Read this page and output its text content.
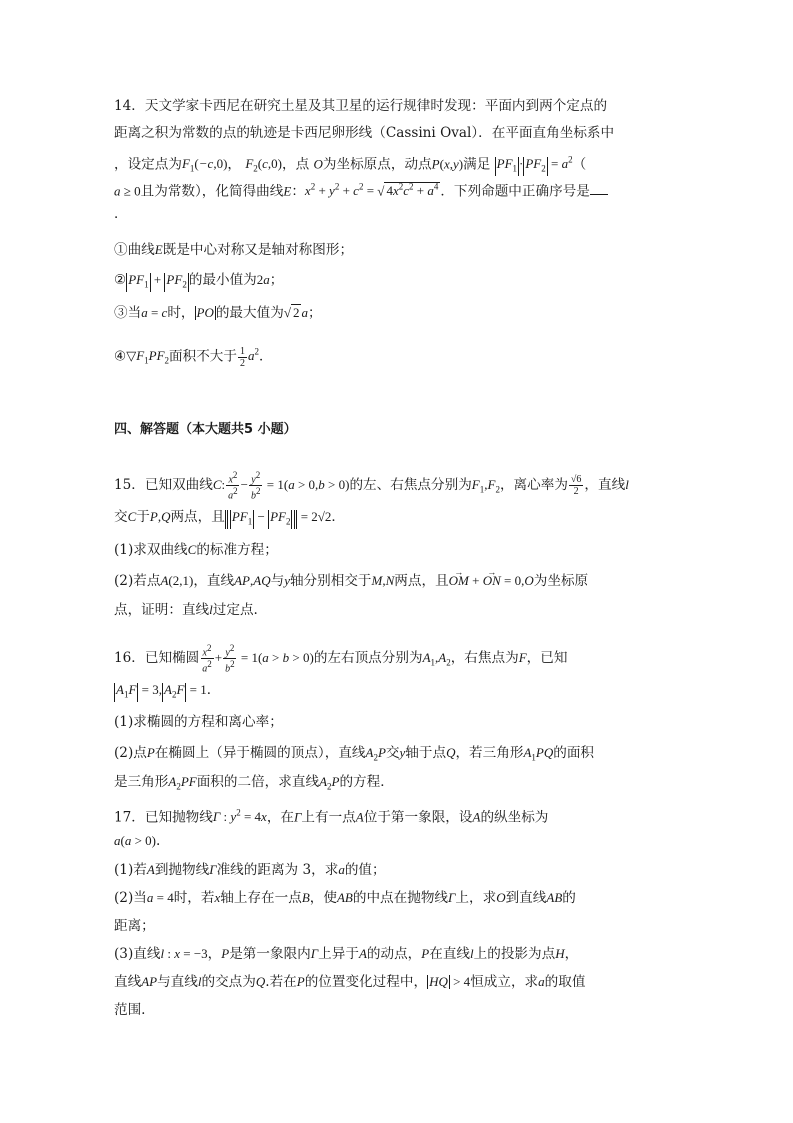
14．天文学家卡西尼在研究土星及其卫星的运行规律时发现：平面内到两个定点的
距离之积为常数的点的轨迹是卡西尼卵形线（Cassini Oval）．在平面直角坐标系中
，设定点为$F_1(-c,0)$， $F_2(c,0)$，点 O为坐标原点，动点P(x,y)满足 $PF_1 \cdot PF_2 = a^2$（
a ≥ 0且为常数），化简得曲线E：$x^2 + y^2 + c^2$ = √ $4x^2c^2 + a^4$ ．下列命题中正确序号是
．
①曲线E既是中心对称又是轴对称图形；
② $PF_1 + PF_2$ 的最小值为2a；
③当a = c时， PO 的最大值为√ 2 a；
$④▽F_1PF_2$面积不大于 $\frac{1}{2} a^2$．
四、解答题（本大题共5 小题）
15．已知双曲线C: $\frac{x^2}{a^2} - \frac{y^2}{b^2} = 1(a > 0,b > 0)$的左、右焦点分别为$F_1,F_2$，离心率为 $\frac{√6}{2}$ ，直线l
交C于P,Q两点，且 $PF_1 - PF_2 = 2√2$．
(1)求双曲线C的标准方程；
(2)若点A(2,1)，直线AP,AQ与y轴分别相交于M,N两点，且→ OM + → ON = 0,O为坐标原
点，证明：直线l过定点.
16．已知椭圆 $\frac{x^2}{a^2} + \frac{y^2}{b^2} = 1(a > b > 0)$的左右顶点分别为$A_1,A_2$，右焦点为F，已知
$A_1F = 3$, $A_2F = 1$．
(1)求椭圆的方程和离心率；
(2)点P在椭圆上（异于椭圆的顶点），直线$A_2P$交y轴于点Q，若三角形$A_1PQ$的面积
是三角形$A_2PF$面积的二倍，求直线$A_2P$的方程．
17．已知抛物线Γ : $y^2 = 4x$，在Γ上有一点A位于第一象限，设A的纵坐标为
a(a > 0).
(1)若A到抛物线Γ准线的距离为 3，求a的值；
(2)当a = 4时，若x轴上存在一点B，使AB的中点在抛物线Γ上，求O到直线AB的
距离；
(3)直线l : x = −3，P是第一象限内Γ上异于A的动点，P在直线l上的投影为点H，
直线AP与直线l的交点为Q.若在P的位置变化过程中， HQ > 4恒成立，求a的取值
范围.
